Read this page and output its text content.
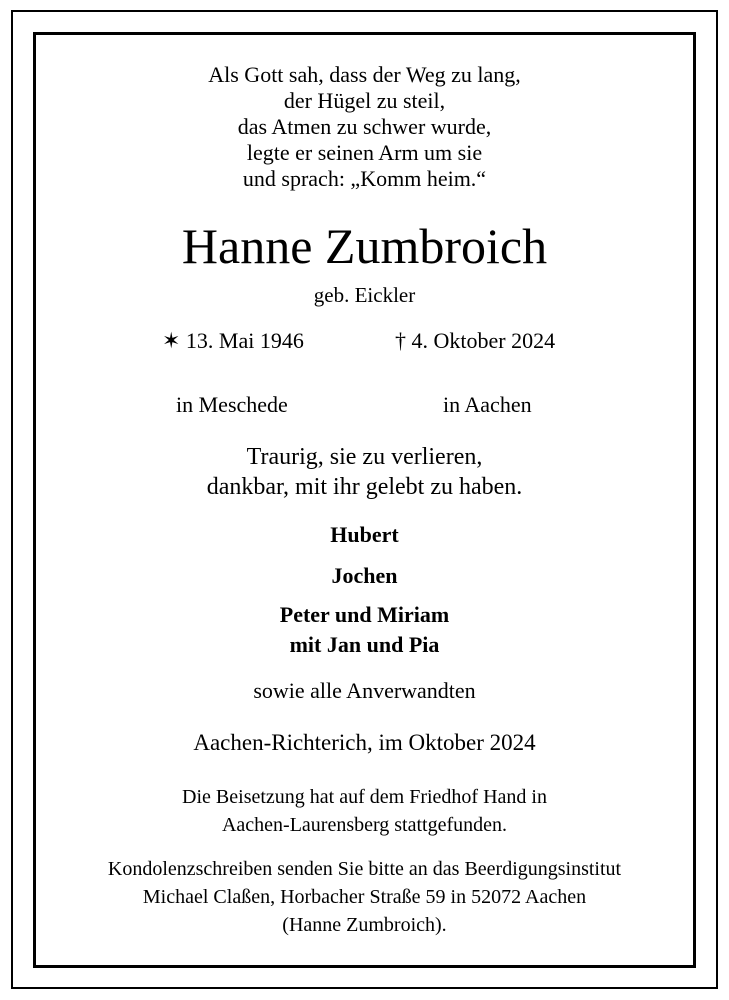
Als Gott sah, dass der Weg zu lang,
der Hügel zu steil,
das Atmen zu schwer wurde,
legte er seinen Arm um sie
und sprach: „Komm heim.“
Hanne Zumbroich
geb. Eickler
✶ 13. Mai 1946	† 4. Oktober 2024
in Meschede	in Aachen
Traurig, sie zu verlieren,
dankbar, mit ihr gelebt zu haben.
Hubert
Jochen
Peter und Miriam
mit Jan und Pia
sowie alle Anverwandten
Aachen-Richterich, im Oktober 2024
Die Beisetzung hat auf dem Friedhof Hand in
Aachen-Laurensberg stattgefunden.
Kondolenzschreiben senden Sie bitte an das Beerdigungsinstitut
Michael Claßen, Horbacher Straße 59 in 52072 Aachen
(Hanne Zumbroich).
